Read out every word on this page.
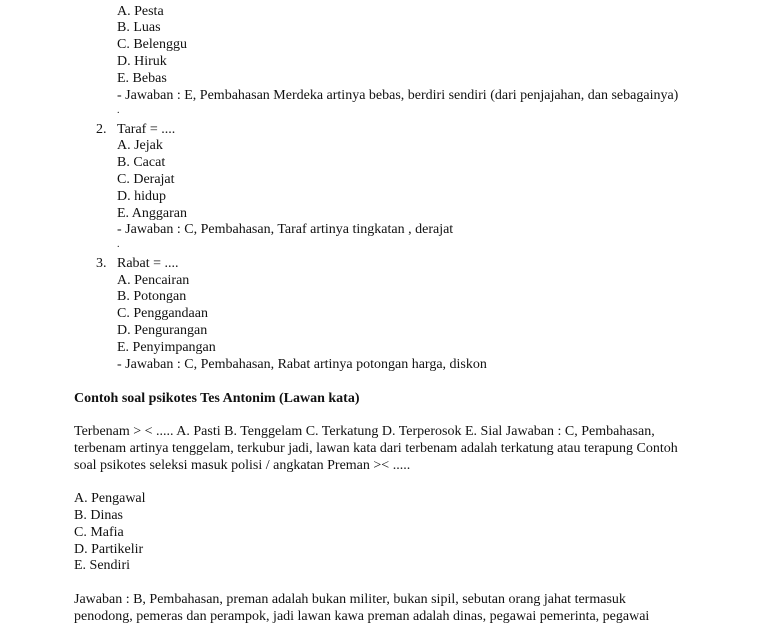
A. Pesta
B. Luas
C. Belenggu
D. Hiruk
E. Bebas
- Jawaban : E, Pembahasan Merdeka artinya bebas, berdiri sendiri (dari penjajahan, dan sebagainya)
.
2. Taraf = ....
A. Jejak
B. Cacat
C. Derajat
D. hidup
E. Anggaran
- Jawaban : C, Pembahasan, Taraf artinya tingkatan , derajat
.
3. Rabat = ....
A. Pencairan
B. Potongan
C. Penggandaan
D. Pengurangan
E. Penyimpangan
- Jawaban : C, Pembahasan, Rabat artinya potongan harga, diskon
Contoh soal psikotes Tes Antonim (Lawan kata)
Terbenam > < ..... A. Pasti B. Tenggelam C. Terkatung D. Terperosok E. Sial Jawaban : C, Pembahasan,
terbenam artinya tenggelam, terkubur jadi, lawan kata dari terbenam adalah terkatung atau terapung Contoh
soal psikotes seleksi masuk polisi / angkatan Preman >< .....
A. Pengawal
B. Dinas
C. Mafia
D. Partikelir
E. Sendiri
Jawaban : B, Pembahasan, preman adalah bukan militer, bukan sipil, sebutan orang jahat termasuk
penodong, pemeras dan perampok, jadi lawan kawa preman adalah dinas, pegawai pemerinta, pegawai
